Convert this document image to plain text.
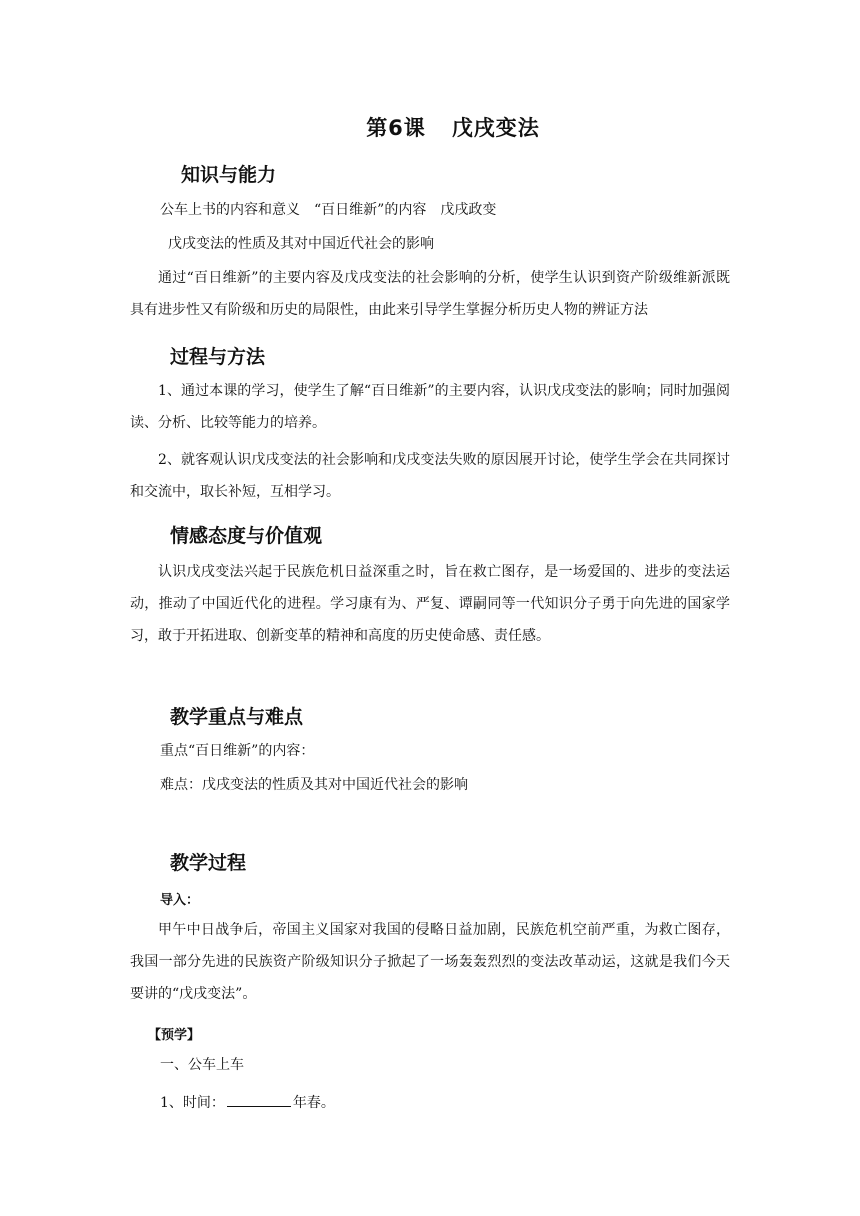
第6课 戊戌变法
知识与能力

公车上书的内容和意义　“百日维新”的内容　戊戌政变

戊戌变法的性质及其对中国近代社会的影响

通过“百日维新”的主要内容及戊戌变法的社会影响的分析，使学生认识到资产阶级维新派既具有进步性又有阶级和历史的局限性，由此来引导学生掌握分析历史人物的辨证方法

过程与方法

1、通过本课的学习，使学生了解“百日维新”的主要内容，认识戊戌变法的影响；同时加强阅读、分析、比较等能力的培养。

2、就客观认识戊戌变法的社会影响和戊戌变法失败的原因展开讨论，使学生学会在共同探讨和交流中，取长补短，互相学习。

情感态度与价值观

认识戊戌变法兴起于民族危机日益深重之时，旨在救亡图存，是一场爱国的、进步的变法运动，推动了中国近代化的进程。学习康有为、严复、谭嗣同等一代知识分子勇于向先进的国家学习，敢于开拓进取、创新变革的精神和高度的历史使命感、责任感。

教学重点与难点

重点“百日维新”的内容：

难点：戊戌变法的性质及其对中国近代社会的影响

教学过程

导入：

甲午中日战争后，帝国主义国家对我国的侵略日益加剧，民族危机空前严重，为救亡图存，我国一部分先进的民族资产阶级知识分子掀起了一场轰轰烈烈的变法改革动运，这就是我们今天要讲的“戊戌变法”。

【预学】

一、公车上车

1、时间：	年春。
